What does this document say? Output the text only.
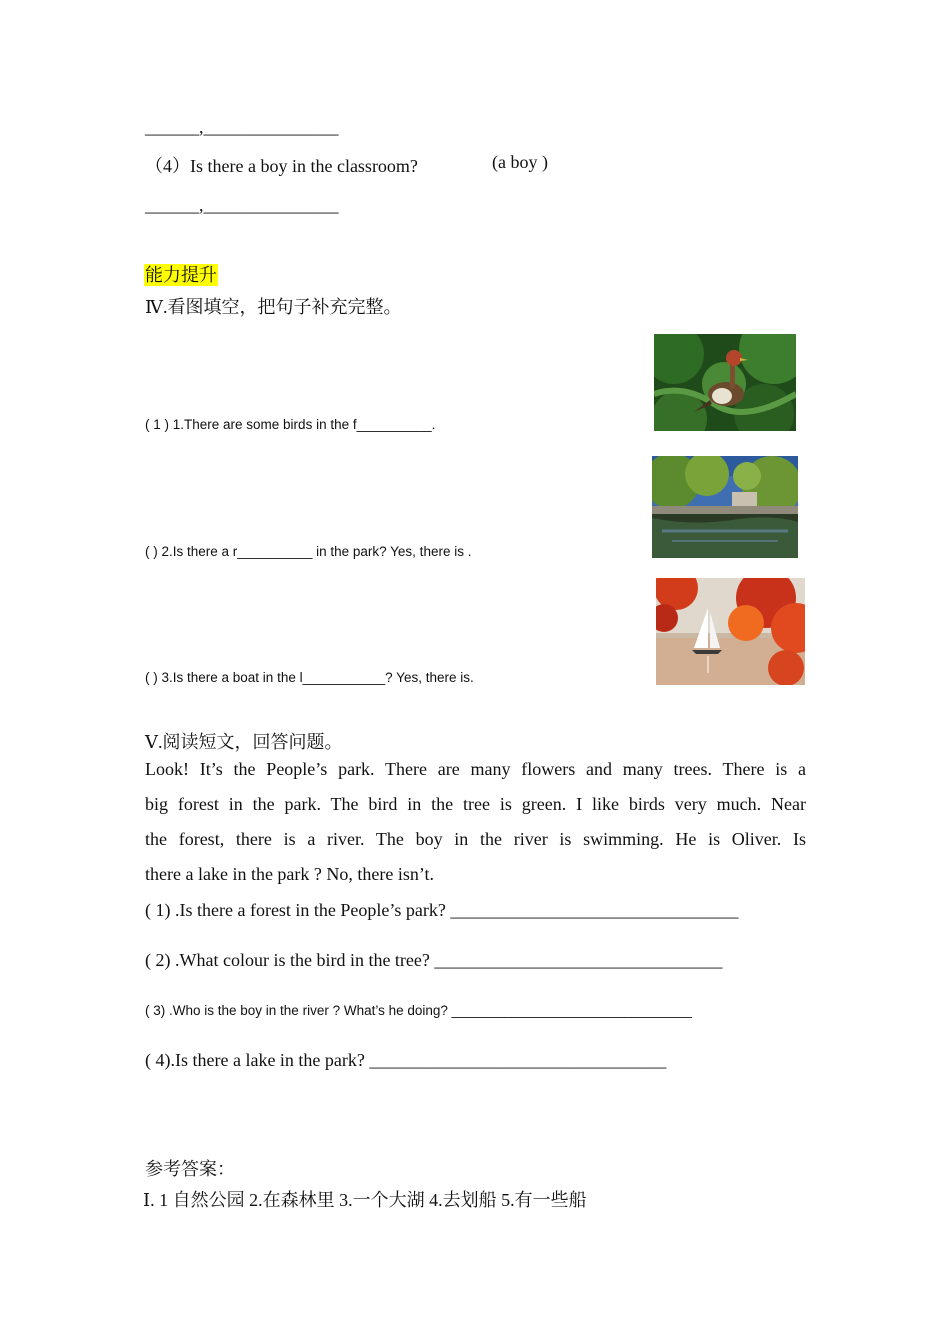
______,_______________
（4）Is there a boy in the classroom?	(a boy )
______,_______________
能力提升
Ⅳ.看图填空，把句子补充完整。
( 1 ) 1.There are some birds in the f__________.
( ) 2.Is there a r__________ in the park? Yes, there is .
( ) 3.Is there a boat in the l___________? Yes, there is.
Ⅴ.阅读短文，回答问题。
Look! It’s the People’s park. There are many flowers and many trees. There is a
big forest in the park. The bird in the tree is green. I like birds very much. Near
the forest, there is a river. The boy in the river is swimming. He is Oliver. Is
there a lake in the park ? No, there isn’t.
( 1) .Is there a forest in the People’s park? ________________________________
( 2) .What colour is the bird in the tree? ________________________________
( 3) .Who is the boy in the river ? What’s he doing? ________________________________
( 4).Is there a lake in the park? _________________________________
参考答案：
Ⅰ. 1 自然公园 2.在森林里 3.一个大湖 4.去划船 5.有一些船
